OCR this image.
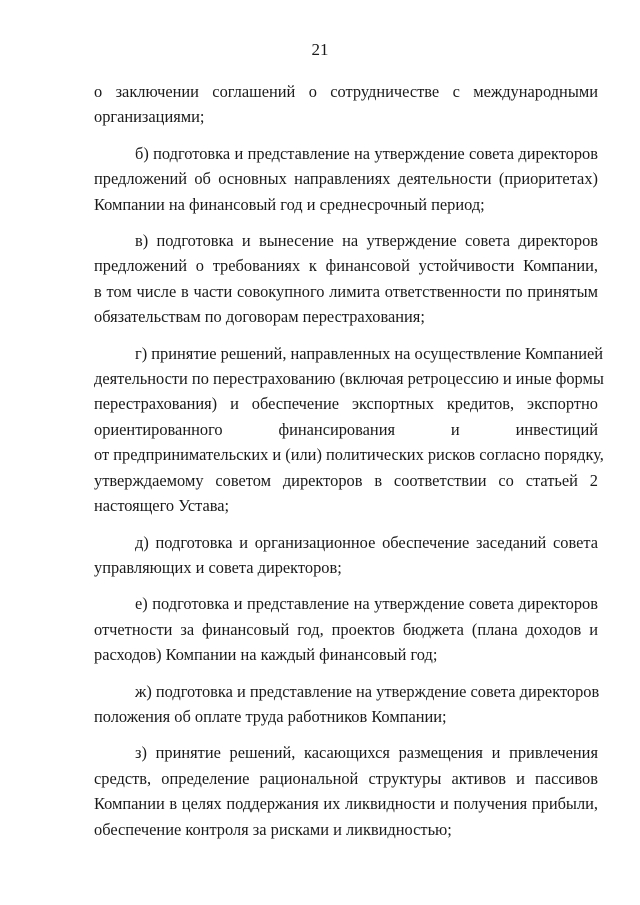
21
о заключении соглашений о сотрудничестве с международными
организациями;
б) подготовка и представление на утверждение совета директоров
предложений об основных направлениях деятельности (приоритетах)
Компании на финансовый год и среднесрочный период;
в) подготовка и вынесение на утверждение совета директоров
предложений о требованиях к финансовой устойчивости Компании,
в том числе в части совокупного лимита ответственности по принятым
обязательствам по договорам перестрахования;
г) принятие решений, направленных на осуществление Компанией
деятельности по перестрахованию (включая ретроцессию и иные формы
перестрахования) и обеспечение экспортных кредитов, экспортно
ориентированного финансирования и инвестиций
от предпринимательских и (или) политических рисков согласно порядку,
утверждаемому советом директоров в соответствии со статьей 2
настоящего Устава;
д) подготовка и организационное обеспечение заседаний совета
управляющих и совета директоров;
е) подготовка и представление на утверждение совета директоров
отчетности за финансовый год, проектов бюджета (плана доходов и
расходов) Компании на каждый финансовый год;
ж) подготовка и представление на утверждение совета директоров
положения об оплате труда работников Компании;
з) принятие решений, касающихся размещения и привлечения
средств, определение рациональной структуры активов и пассивов
Компании в целях поддержания их ликвидности и получения прибыли,
обеспечение контроля за рисками и ликвидностью;
